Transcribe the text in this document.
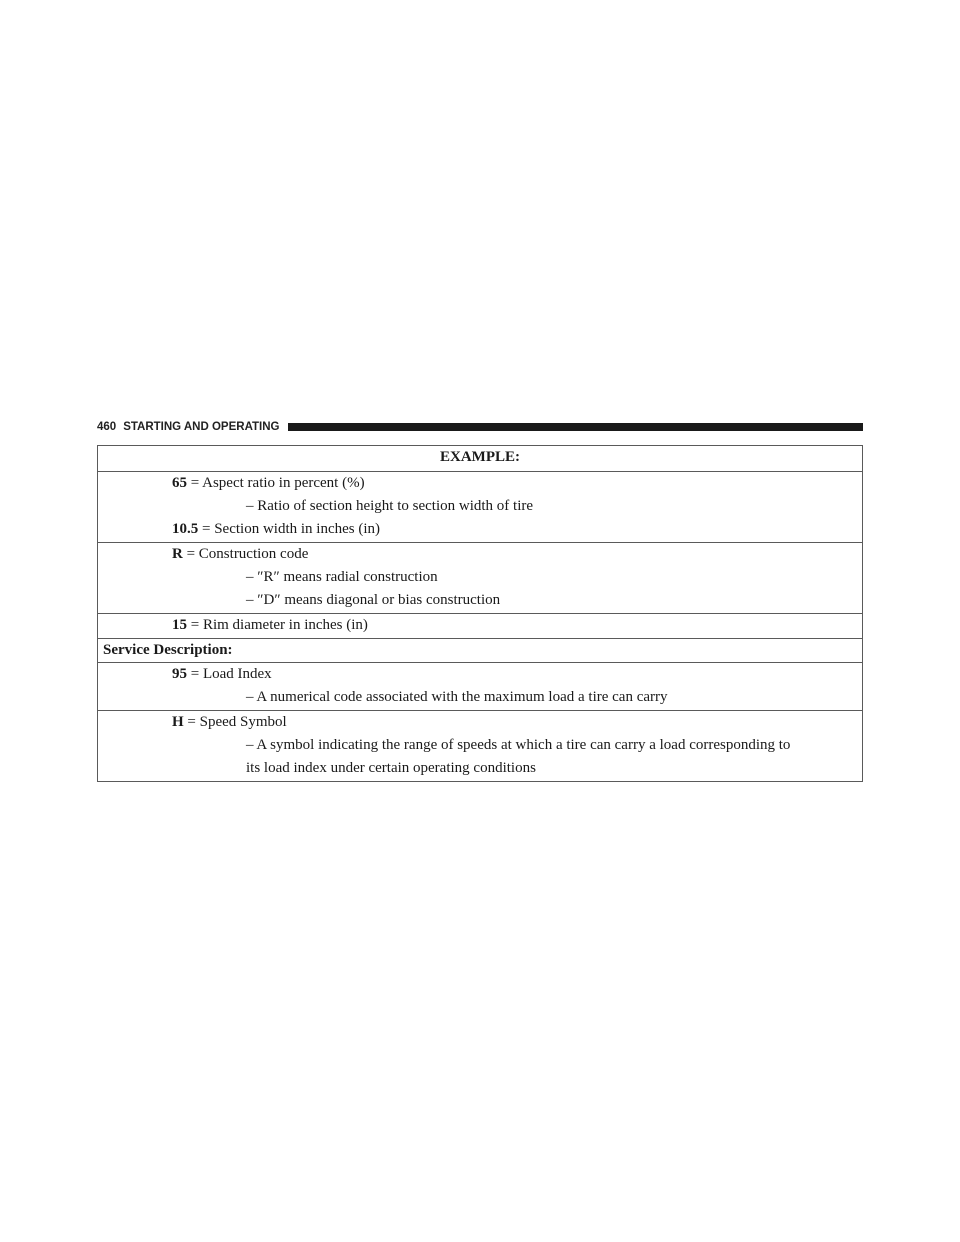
460 STARTING AND OPERATING
EXAMPLE:

65 = Aspect ratio in percent (%)
– Ratio of section height to section width of tire
10.5 = Section width in inches (in)

R = Construction code
– ″R″ means radial construction
– ″D″ means diagonal or bias construction

15 = Rim diameter in inches (in)

Service Description:

95 = Load Index
– A numerical code associated with the maximum load a tire can carry

H = Speed Symbol
– A symbol indicating the range of speeds at which a tire can carry a load corresponding to
its load index under certain operating conditions
